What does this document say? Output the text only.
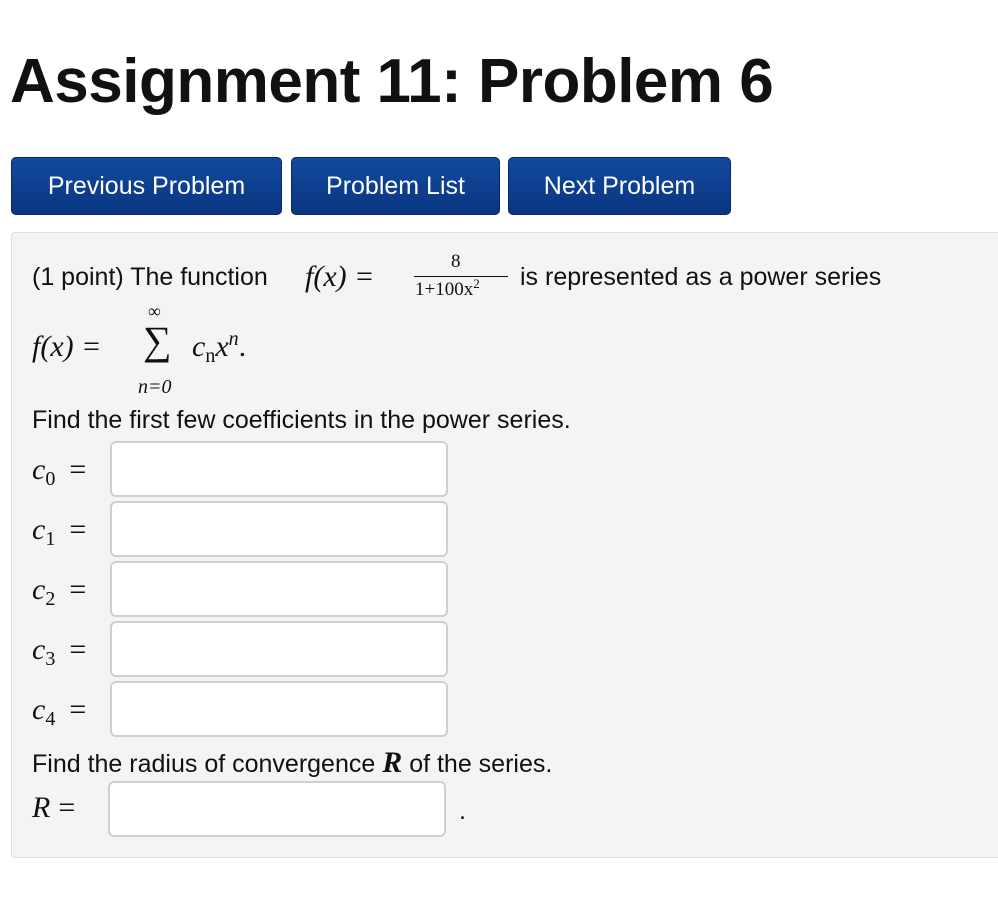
Assignment 11: Problem 6
Previous Problem	Problem List	Next Problem
(1 point) The function f(x) =	8
$1+100x^2$ is represented as a power series
f(x) =
∞
∑ $c_nx^n$.
n=0
Find the first few coefficients in the power series.
$c_0$ =
$c_1$ =
$c_2$ =
$c_3$ =
$c_4$ =
Find the radius of convergence R of the series.
R =	.
